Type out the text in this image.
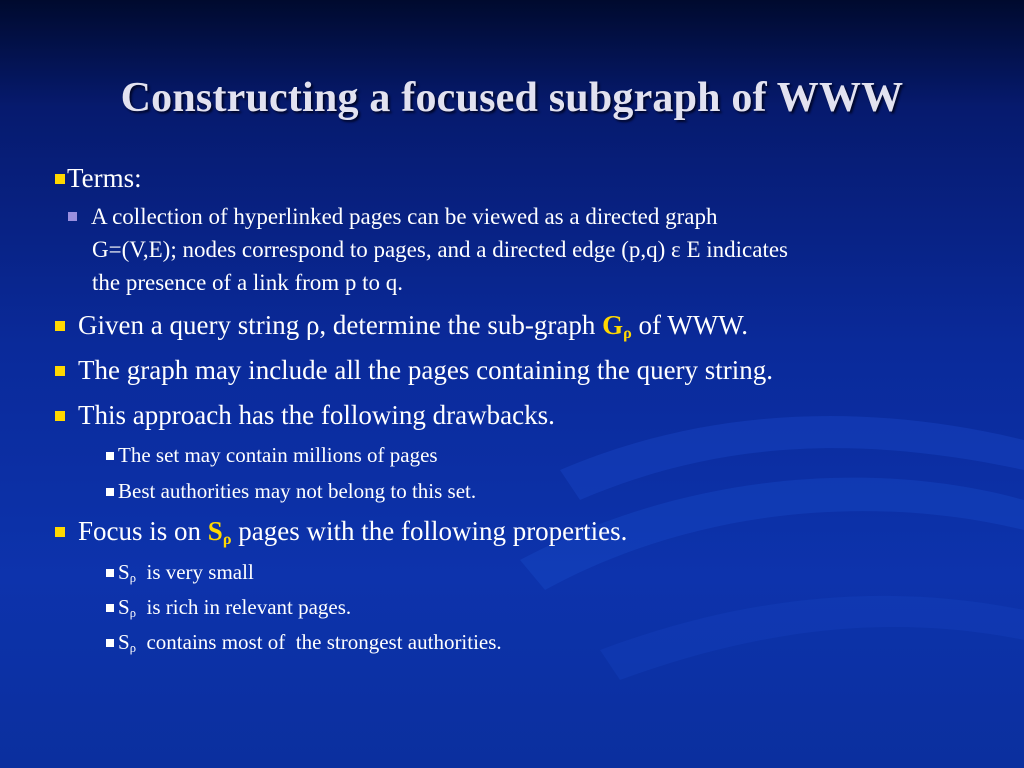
Constructing a focused subgraph of WWW
Terms:
A collection of hyperlinked pages can be viewed as a directed graph
G=(V,E); nodes correspond to pages, and a directed edge (p,q) ε E indicates
the presence of a link from p to q.
Given a query string ρ, determine the sub-graph Gρ of WWW.
The graph may include all the pages containing the query string.
This approach has the following drawbacks.
The set may contain millions of pages
Best authorities may not belong to this set.
Focus is on Sρ pages with the following properties.
$S_\rho$  is very small
$S_\rho$  is rich in relevant pages.
$S_\rho$  contains most of  the strongest authorities.
